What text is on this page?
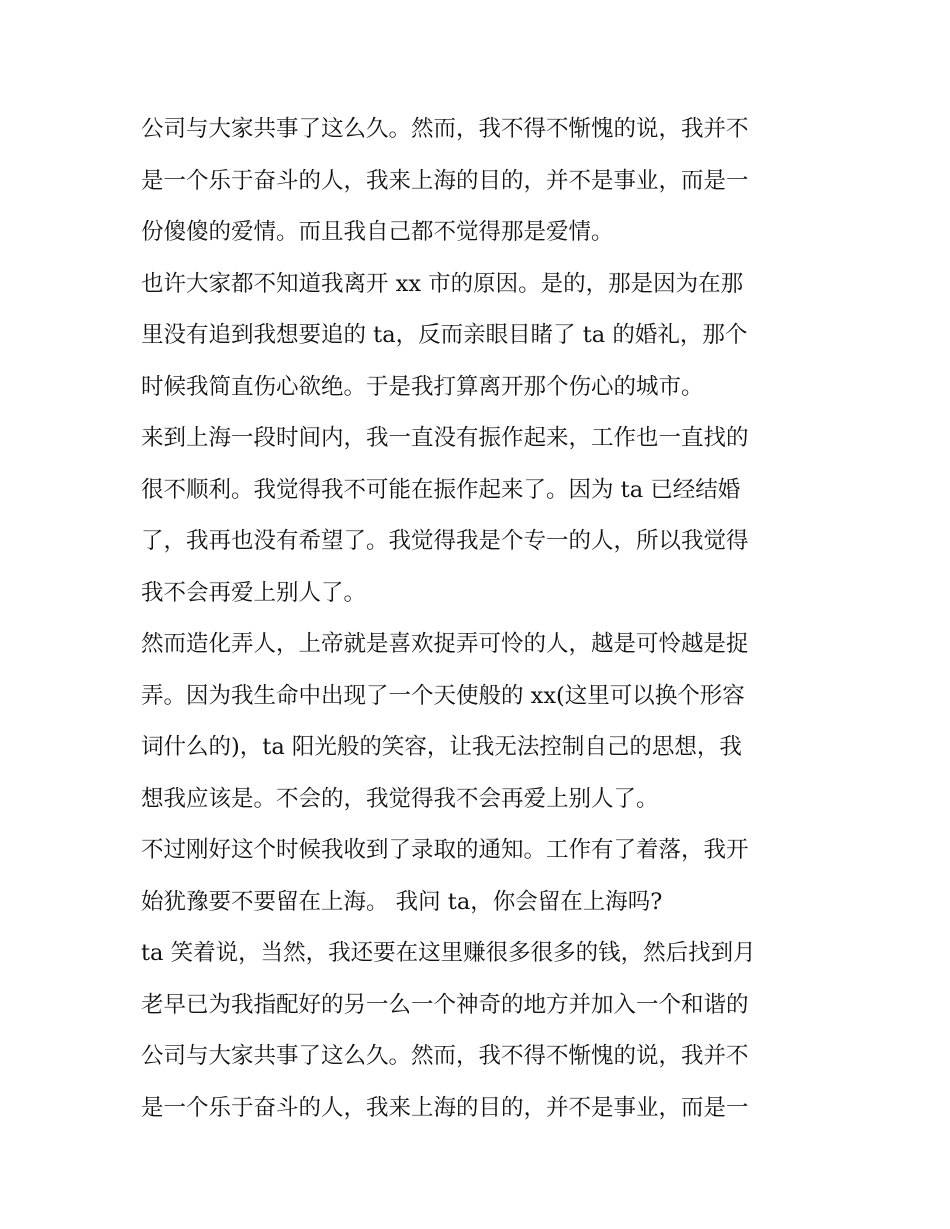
公司与大家共事了这么久。然而，我不得不惭愧的说，我并不
是一个乐于奋斗的人，我来上海的目的，并不是事业，而是一
份傻傻的爱情。而且我自己都不觉得那是爱情。
也许大家都不知道我离开 xx 市的原因。是的，那是因为在那
里没有追到我想要追的 ta，反而亲眼目睹了 ta 的婚礼，那个
时候我简直伤心欲绝。于是我打算离开那个伤心的城市。
来到上海一段时间内，我一直没有振作起来，工作也一直找的
很不顺利。我觉得我不可能在振作起来了。因为 ta 已经结婚
了，我再也没有希望了。我觉得我是个专一的人，所以我觉得
我不会再爱上别人了。
然而造化弄人，上帝就是喜欢捉弄可怜的人，越是可怜越是捉
弄。因为我生命中出现了一个天使般的 xx(这里可以换个形容
词什么的)，ta 阳光般的笑容，让我无法控制自己的思想，我
想我应该是。不会的，我觉得我不会再爱上别人了。
不过刚好这个时候我收到了录取的通知。工作有了着落，我开
始犹豫要不要留在上海。 我问 ta，你会留在上海吗?
ta 笑着说，当然，我还要在这里赚很多很多的钱，然后找到月
老早已为我指配好的另一么一个神奇的地方并加入一个和谐的
公司与大家共事了这么久。然而，我不得不惭愧的说，我并不
是一个乐于奋斗的人，我来上海的目的，并不是事业，而是一
